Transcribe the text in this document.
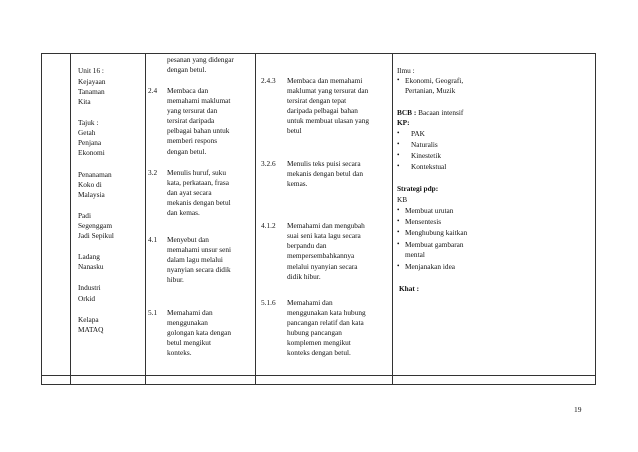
Unit 16 :
Kejayaan
Tanaman
Kita
Tajuk :
Getah
Penjana
Ekonomi
Penanaman
Koko di
Malaysia
Padi
Segenggam
Jadi Sepikul
Ladang
Nanasku
Industri
Orkid
Kelapa
MATAQ
pesanan yang didengar
dengan betul.
2.4 Membaca dan
memahami maklumat
yang tersurat dan
tersirat daripada
pelbagai bahan untuk
memberi respons
dengan betul.
3.2 Menulis huruf, suku
kata, perkataan, frasa
dan ayat secara
mekanis dengan betul
dan kemas.
4.1 Menyebut dan
memahami unsur seni
dalam lagu melalui
nyanyian secara didik
hibur.
5.1 Memahami dan
menggunakan
golongan kata dengan
betul mengikut
konteks.
2.4.3 Membaca dan memahami
maklumat yang tersurat dan
tersirat dengan tepat
daripada pelbagai bahan
untuk membuat ulasan yang
betul
3.2.6 Menulis teks puisi secara
mekanis dengan betul dan
kemas.
4.1.2 Memahami dan mengubah
suai seni kata lagu secara
berpandu dan
mempersembahkannya
melalui nyanyian secara
didik hibur.
5.1.6 Memahami dan
menggunakan kata hubung
pancangan relatif dan kata
hubung pancangan
komplemen mengikut
konteks dengan betul.
Ilmu :
• Ekonomi, Geografi,
Pertanian, Muzik
BCB : Bacaan intensif
KP:
• PAK
• Naturalis
• Kinestetik
• Kontekstual
Strategi pdp:
KB
• Membuat urutan
• Mensentesis
• Menghubung kaitkan
• Membuat gambaran
mental
• Menjanakan idea
Khat :
19
